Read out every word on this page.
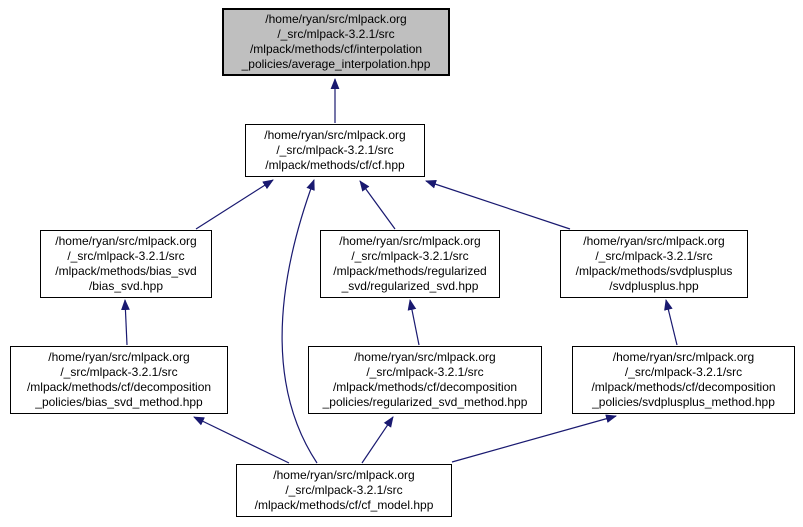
/home/ryan/src/mlpack.org
/_src/mlpack-3.2.1/src
/mlpack/methods/cf/interpolation
_policies/average_interpolation.hpp
/home/ryan/src/mlpack.org
/_src/mlpack-3.2.1/src
/mlpack/methods/cf/cf.hpp
/home/ryan/src/mlpack.org
/_src/mlpack-3.2.1/src
/mlpack/methods/bias_svd
/bias_svd.hpp
/home/ryan/src/mlpack.org
/_src/mlpack-3.2.1/src
/mlpack/methods/regularized
_svd/regularized_svd.hpp
/home/ryan/src/mlpack.org
/_src/mlpack-3.2.1/src
/mlpack/methods/svdplusplus
/svdplusplus.hpp
/home/ryan/src/mlpack.org
/_src/mlpack-3.2.1/src
/mlpack/methods/cf/decomposition
_policies/bias_svd_method.hpp
/home/ryan/src/mlpack.org
/_src/mlpack-3.2.1/src
/mlpack/methods/cf/decomposition
_policies/regularized_svd_method.hpp
/home/ryan/src/mlpack.org
/_src/mlpack-3.2.1/src
/mlpack/methods/cf/decomposition
_policies/svdplusplus_method.hpp
/home/ryan/src/mlpack.org
/_src/mlpack-3.2.1/src
/mlpack/methods/cf/cf_model.hpp
